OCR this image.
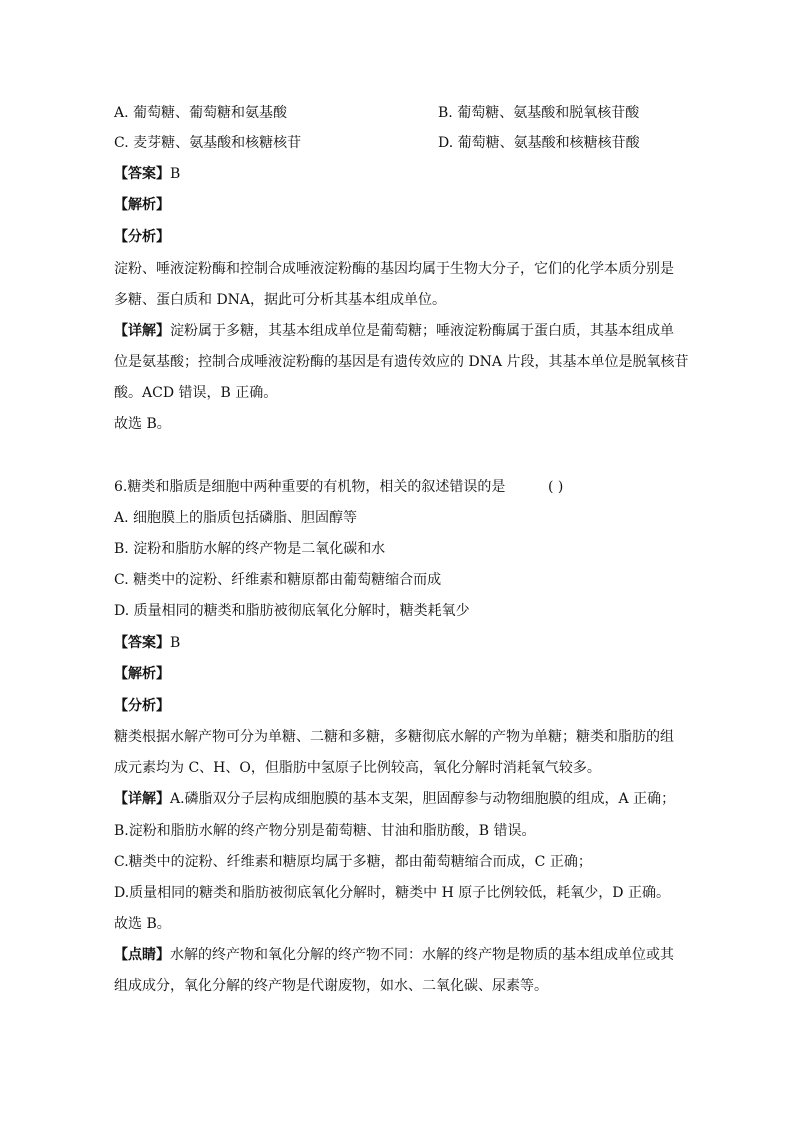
A. 葡萄糖、葡萄糖和氨基酸	B. 葡萄糖、氨基酸和脱氧核苷酸
C. 麦芽糖、氨基酸和核糖核苷	D. 葡萄糖、氨基酸和核糖核苷酸
【答案】B
【解析】
【分析】
淀粉、唾液淀粉酶和控制合成唾液淀粉酶的基因均属于生物大分子，它们的化学本质分别是
多糖、蛋白质和 DNA，据此可分析其基本组成单位。
【详解】淀粉属于多糖，其基本组成单位是葡萄糖；唾液淀粉酶属于蛋白质，其基本组成单
位是氨基酸；控制合成唾液淀粉酶的基因是有遗传效应的 DNA 片段，其基本单位是脱氧核苷
酸。ACD 错误，B 正确。
故选 B。
6.糖类和脂质是细胞中两种重要的有机物，相关的叙述错误的是	( )
A. 细胞膜上的脂质包括磷脂、胆固醇等
B. 淀粉和脂肪水解的终产物是二氧化碳和水
C. 糖类中的淀粉、纤维素和糖原都由葡萄糖缩合而成
D. 质量相同的糖类和脂肪被彻底氧化分解时，糖类耗氧少
【答案】B
【解析】
【分析】
糖类根据水解产物可分为单糖、二糖和多糖，多糖彻底水解的产物为单糖；糖类和脂肪的组
成元素均为 C、H、O，但脂肪中氢原子比例较高，氧化分解时消耗氧气较多。
【详解】A.磷脂双分子层构成细胞膜的基本支架，胆固醇参与动物细胞膜的组成，A 正确；
B.淀粉和脂肪水解的终产物分别是葡萄糖、甘油和脂肪酸，B 错误。
C.糖类中的淀粉、纤维素和糖原均属于多糖，都由葡萄糖缩合而成，C 正确；
D.质量相同的糖类和脂肪被彻底氧化分解时，糖类中 H 原子比例较低，耗氧少，D 正确。
故选 B。
【点睛】水解的终产物和氧化分解的终产物不同：水解的终产物是物质的基本组成单位或其
组成成分，氧化分解的终产物是代谢废物，如水、二氧化碳、尿素等。
